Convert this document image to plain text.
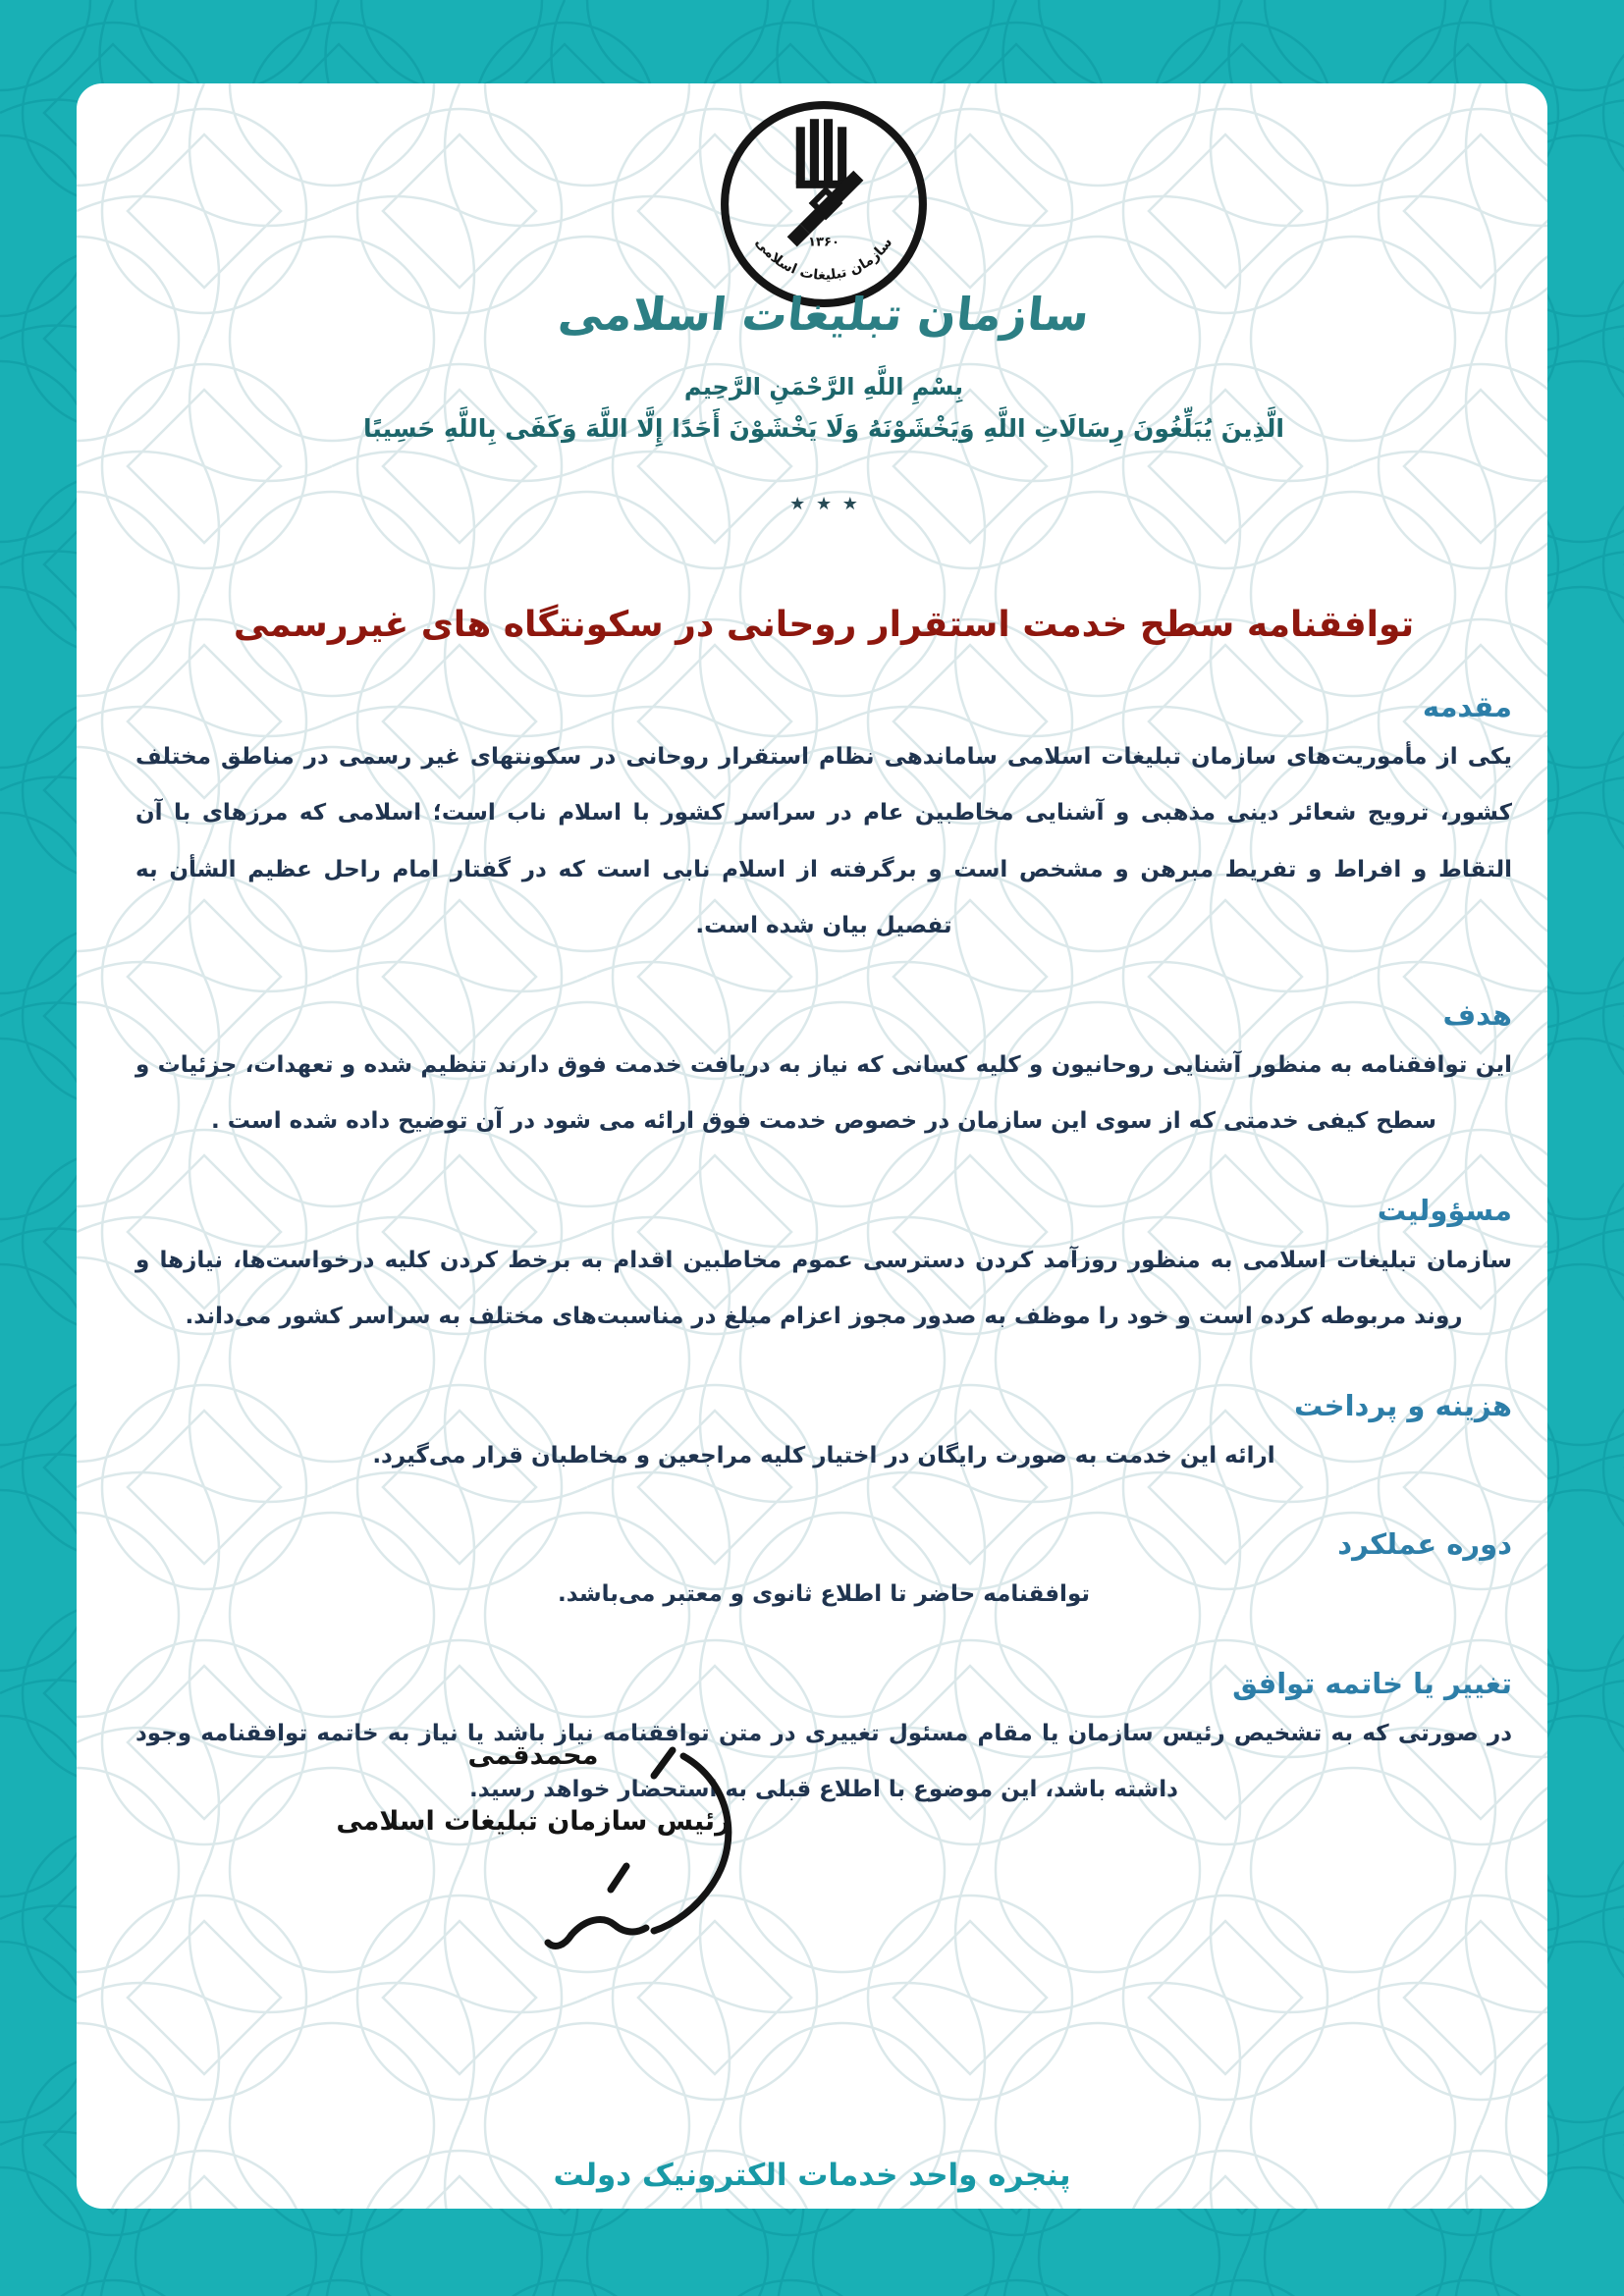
۱۳۶۰
سازمان تبلیغات اسلامی
سازمان تبلیغات اسلامی
بِسْمِ اللَّهِ الرَّحْمَنِ الرَّحِيم
الَّذِينَ يُبَلِّغُونَ رِسَالَاتِ اللَّهِ وَيَخْشَوْنَهُ وَلَا يَخْشَوْنَ أَحَدًا إِلَّا اللَّهَ وَكَفَى بِاللَّهِ حَسِيبًا
٭ ٭ ٭
توافقنامه سطح خدمت استقرار روحانی در سکونتگاه های غیررسمی
مقدمه

یکی از مأموریت‌های سازمان تبلیغات اسلامی ساماندهی نظام استقرار روحانی در سکونتهای غیر رسمی در مناطق مختلف کشور، ترویج شعائر دینی مذهبی و آشنایی مخاطبین عام در سراسر کشور با اسلام ناب است؛ اسلامی که مرزهای با آن التقاط و افراط و تفریط مبرهن و مشخص است و برگرفته از اسلام نابی است که در گفتار امام راحل عظیم الشأن به تفصیل بیان شده است.

هدف

این توافقنامه به منظور آشنایی روحانیون و کلیه کسانی که نیاز به دریافت خدمت فوق دارند تنظیم شده و تعهدات، جزئیات و سطح کیفی خدمتی که از سوی این سازمان در خصوص خدمت فوق ارائه می شود در آن توضیح داده شده است .

مسؤولیت

سازمان تبلیغات اسلامی به منظور روزآمد کردن دسترسی عموم مخاطبین اقدام به برخط کردن کلیه درخواست‌ها، نیازها و روند مربوطه کرده است و خود را موظف به صدور مجوز اعزام مبلغ در مناسبت‌های مختلف به سراسر کشور می‌داند.

هزینه و پرداخت

ارائه این خدمت به صورت رایگان در اختیار کلیه مراجعین و مخاطبان قرار می‌گیرد.

دوره عملکرد

توافقنامه حاضر تا اطلاع ثانوی و معتبر می‌باشد.

تغییر یا خاتمه توافق

در صورتی که به تشخیص رئیس سازمان یا مقام مسئول تغییری در متن توافقنامه نیاز باشد یا نیاز به خاتمه توافقنامه وجود داشته باشد، این موضوع با اطلاع قبلی به استحضار خواهد رسید.

محمدقمی
رئیس سازمان تبلیغات اسلامی
پنجره واحد خدمات الکترونیک دولت
